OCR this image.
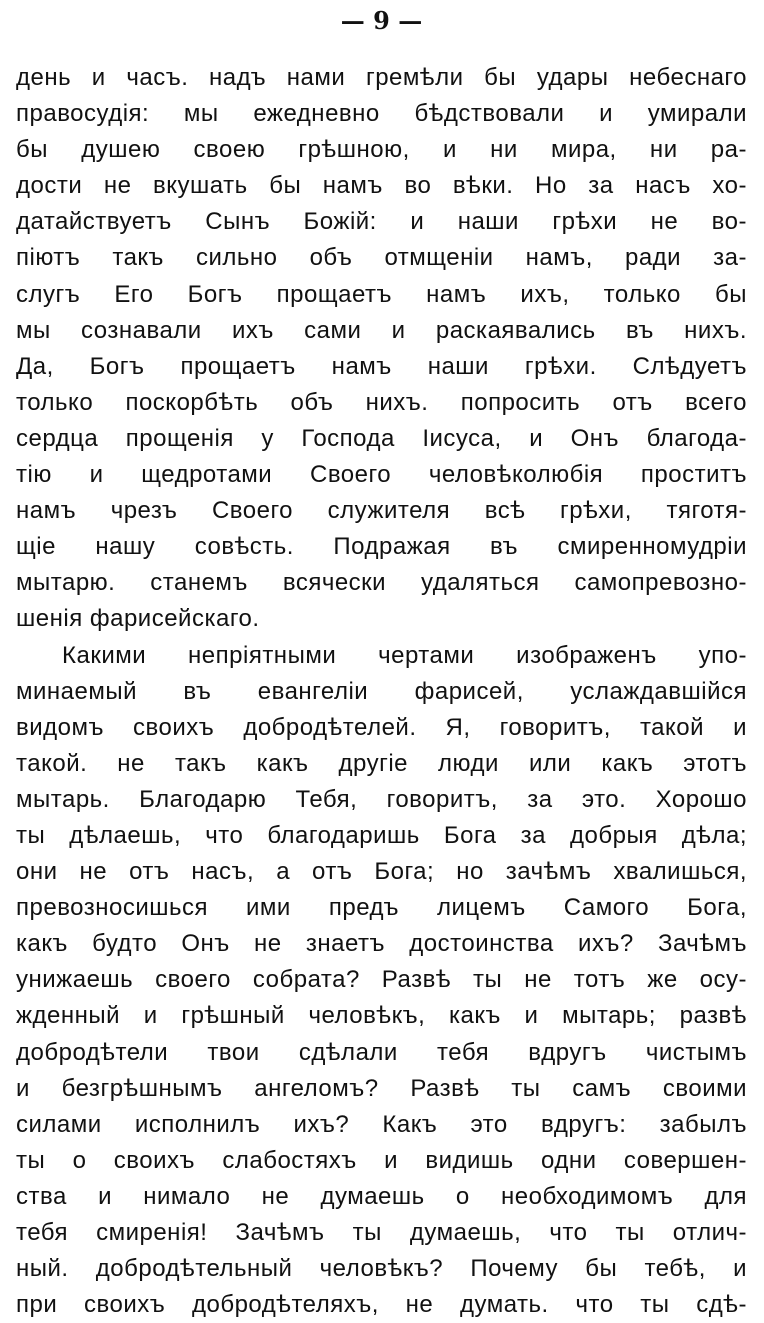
— 9 —
день и часъ. надъ нами гремѣли бы удары небеснаго
правосудія: мы ежедневно бѣдствовали и умирали
бы душею своею грѣшною, и ни мира, ни ра-
дости не вкушать бы намъ во вѣки. Но за насъ хо-
датайствуетъ Сынъ Божій: и наши грѣхи не во-
піютъ такъ сильно объ отмщеніи намъ, ради за-
слугъ Его Богъ прощаетъ намъ ихъ, только бы
мы сознавали ихъ сами и раскаявались въ нихъ.
Да, Богъ прощаетъ намъ наши грѣхи. Слѣдуетъ
только поскорбѣть объ нихъ. попросить отъ всего
сердца прощенія у Господа Іисуса, и Онъ благода-
тію и щедротами Своего человѣколюбія проститъ
намъ чрезъ Своего служителя всѣ грѣхи, тяготя-
щіе нашу совѣсть. Подражая въ смиренномудріи
мытарю. станемъ всячески удаляться самопревозно-
шенія фарисейскаго.
Какими непріятными чертами изображенъ упо-
минаемый въ евангеліи фарисей, услаждавшійся
видомъ своихъ добродѣтелей. Я, говоритъ, такой и
такой. не такъ какъ другіе люди или какъ этотъ
мытарь. Благодарю Тебя, говоритъ, за это. Хорошо
ты дѣлаешь, что благодаришь Бога за добрыя дѣла;
они не отъ насъ, а отъ Бога; но зачѣмъ хвалишься,
превозносишься ими предъ лицемъ Самого Бога,
какъ будто Онъ не знаетъ достоинства ихъ? Зачѣмъ
унижаешь своего собрата? Развѣ ты не тотъ же осу-
жденный и грѣшный человѣкъ, какъ и мытарь; развѣ
добродѣтели твои сдѣлали тебя вдругъ чистымъ
и безгрѣшнымъ ангеломъ? Развѣ ты самъ своими
силами исполнилъ ихъ? Какъ это вдругъ: забылъ
ты о своихъ слабостяхъ и видишь одни совершен-
ства и нимало не думаешь о необходимомъ для
тебя смиренія! Зачѣмъ ты думаешь, что ты отлич-
ный. добродѣтельный человѣкъ? Почему бы тебѣ, и
при своихъ добродѣтеляхъ, не думать. что ты сдѣ-
